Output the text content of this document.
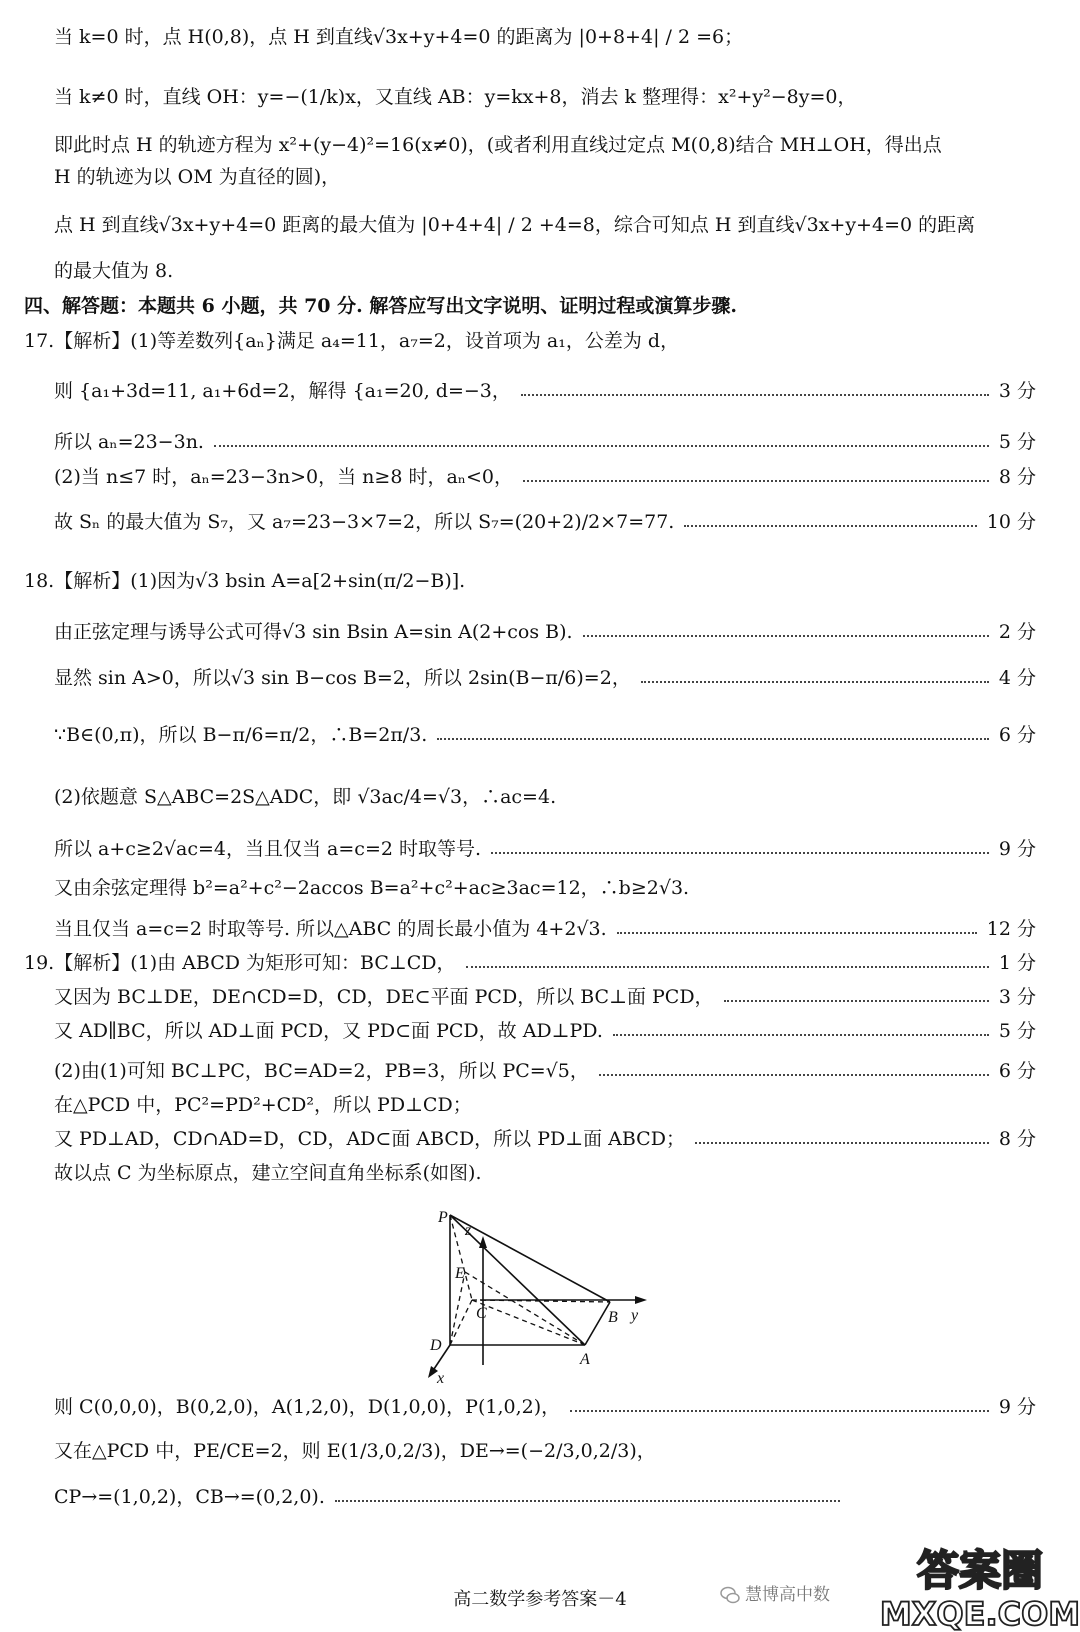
当 k=0 时，点 H(0,8)，点 H 到直线√3x+y+4=0 的距离为 |0+8+4| / 2 =6；
当 k≠0 时，直线 OH：y=−(1/k)x，又直线 AB：y=kx+8，消去 k 整理得：x²+y²−8y=0，
即此时点 H 的轨迹方程为 x²+(y−4)²=16(x≠0)，(或者利用直线过定点 M(0,8)结合 MH⊥OH，得出点
H 的轨迹为以 OM 为直径的圆)，
点 H 到直线√3x+y+4=0 距离的最大值为 |0+4+4| / 2 +4=8，综合可知点 H 到直线√3x+y+4=0 的距离
的最大值为 8.
四、解答题：本题共 6 小题，共 70 分. 解答应写出文字说明、证明过程或演算步骤.
17.【解析】(1)等差数列{aₙ}满足 a₄=11，a₇=2，设首项为 a₁，公差为 d，
则 {a₁+3d=11, a₁+6d=2，解得 {a₁=20, d=−3，	3 分
所以 aₙ=23−3n.	5 分
(2)当 n≤7 时，aₙ=23−3n>0，当 n≥8 时，aₙ<0，	8 分
故 Sₙ 的最大值为 S₇，又 a₇=23−3×7=2，所以 S₇=(20+2)/2×7=77.	10 分
18.【解析】(1)因为√3 bsin A=a[2+sin(π/2−B)].
由正弦定理与诱导公式可得√3 sin Bsin A=sin A(2+cos B).	2 分
显然 sin A>0，所以√3 sin B−cos B=2，所以 2sin(B−π/6)=2，	4 分
∵B∈(0,π)，所以 B−π/6=π/2，∴B=2π/3.	6 分
(2)依题意 S△ABC=2S△ADC，即 √3ac/4=√3，∴ac=4.
所以 a+c≥2√ac=4，当且仅当 a=c=2 时取等号.	9 分
又由余弦定理得 b²=a²+c²−2accos B=a²+c²+ac≥3ac=12，∴b≥2√3.
当且仅当 a=c=2 时取等号. 所以△ABC 的周长最小值为 4+2√3.	12 分
19.【解析】(1)由 ABCD 为矩形可知：BC⊥CD，	1 分
又因为 BC⊥DE，DE∩CD=D，CD，DE⊂平面 PCD，所以 BC⊥面 PCD，	3 分
又 AD∥BC，所以 AD⊥面 PCD，又 PD⊂面 PCD，故 AD⊥PD.	5 分
(2)由(1)可知 BC⊥PC，BC=AD=2，PB=3，所以 PC=√5，	6 分
在△PCD 中，PC²=PD²+CD²，所以 PD⊥CD；
又 PD⊥AD，CD∩AD=D，CD，AD⊂面 ABCD，所以 PD⊥面 ABCD；	8 分
故以点 C 为坐标原点，建立空间直角坐标系(如图).
P
z
E
C	y
B
D
A
x
则 C(0,0,0)，B(0,2,0)，A(1,2,0)，D(1,0,0)，P(1,0,2)，	9 分
又在△PCD 中，PE/CE=2，则 E(1/3,0,2/3)，DE→=(−2/3,0,2/3)，
CP→=(1,0,2)，CB→=(0,2,0).
高二数学参考答案－4	慧博高中数 答案圈
MXQE.COM
